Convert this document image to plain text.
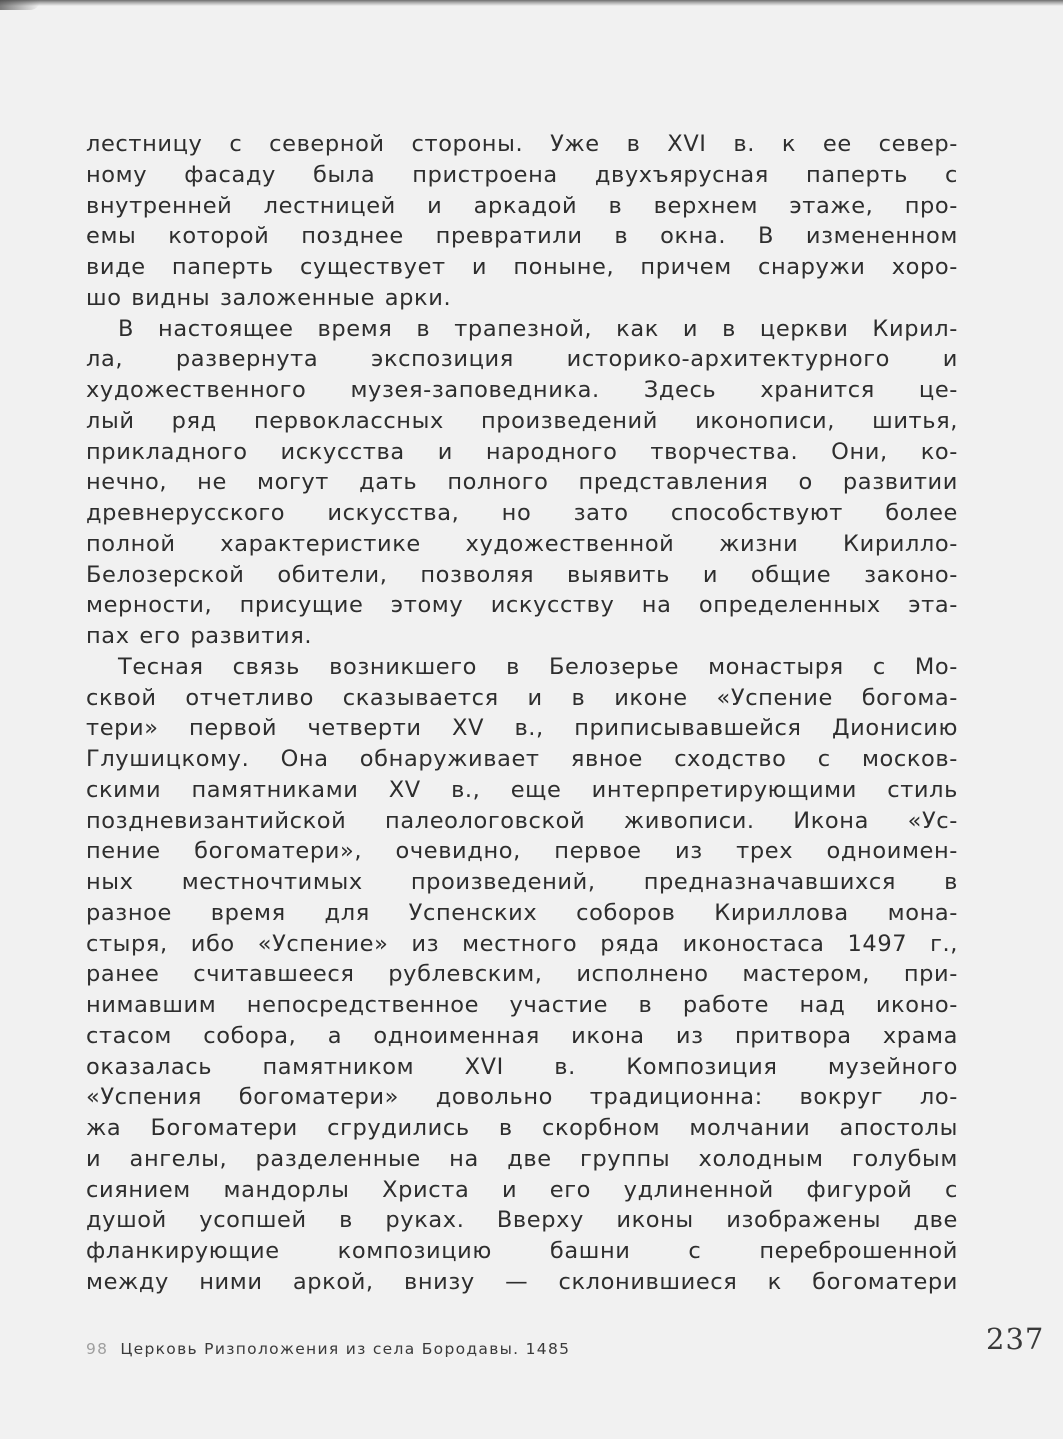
лестницу с северной стороны. Уже в XVI в. к ее север-
ному фасаду была пристроена двухъярусная паперть с
внутренней лестницей и аркадой в верхнем этаже, про-
емы которой позднее превратили в окна. В измененном
виде паперть существует и поныне, причем снаружи хоро-
шо видны заложенные арки.
В настоящее время в трапезной, как и в церкви Кирил-
ла, развернута экспозиция историко-архитектурного и
художественного музея-заповедника. Здесь хранится це-
лый ряд первоклассных произведений иконописи, шитья,
прикладного искусства и народного творчества. Они, ко-
нечно, не могут дать полного представления о развитии
древнерусского искусства, но зато способствуют более
полной характеристике художественной жизни Кирилло-
Белозерской обители, позволяя выявить и общие законо-
мерности, присущие этому искусству на определенных эта-
пах его развития.
Тесная связь возникшего в Белозерье монастыря с Мо-
сквой отчетливо сказывается и в иконе «Успение богома-
тери» первой четверти XV в., приписывавшейся Дионисию
Глушицкому. Она обнаруживает явное сходство с москов-
скими памятниками XV в., еще интерпретирующими стиль
поздневизантийской палеологовской живописи. Икона «Ус-
пение богоматери», очевидно, первое из трех одноимен-
ных местночтимых произведений, предназначавшихся в
разное время для Успенских соборов Кириллова мона-
стыря, ибо «Успение» из местного ряда иконостаса 1497 г.,
ранее считавшееся рублевским, исполнено мастером, при-
нимавшим непосредственное участие в работе над иконо-
стасом собора, а одноименная икона из притвора храма
оказалась памятником XVI в. Композиция музейного
«Успения богоматери» довольно традиционна: вокруг ло-
жа Богоматери сгрудились в скорбном молчании апостолы
и ангелы, разделенные на две группы холодным голубым
сиянием мандорлы Христа и его удлиненной фигурой с
душой усопшей в руках. Вверху иконы изображены две
фланкирующие композицию башни с переброшенной
между ними аркой, внизу — склонившиеся к богоматери
98 Церковь Ризположения из села Бородавы. 1485	237
